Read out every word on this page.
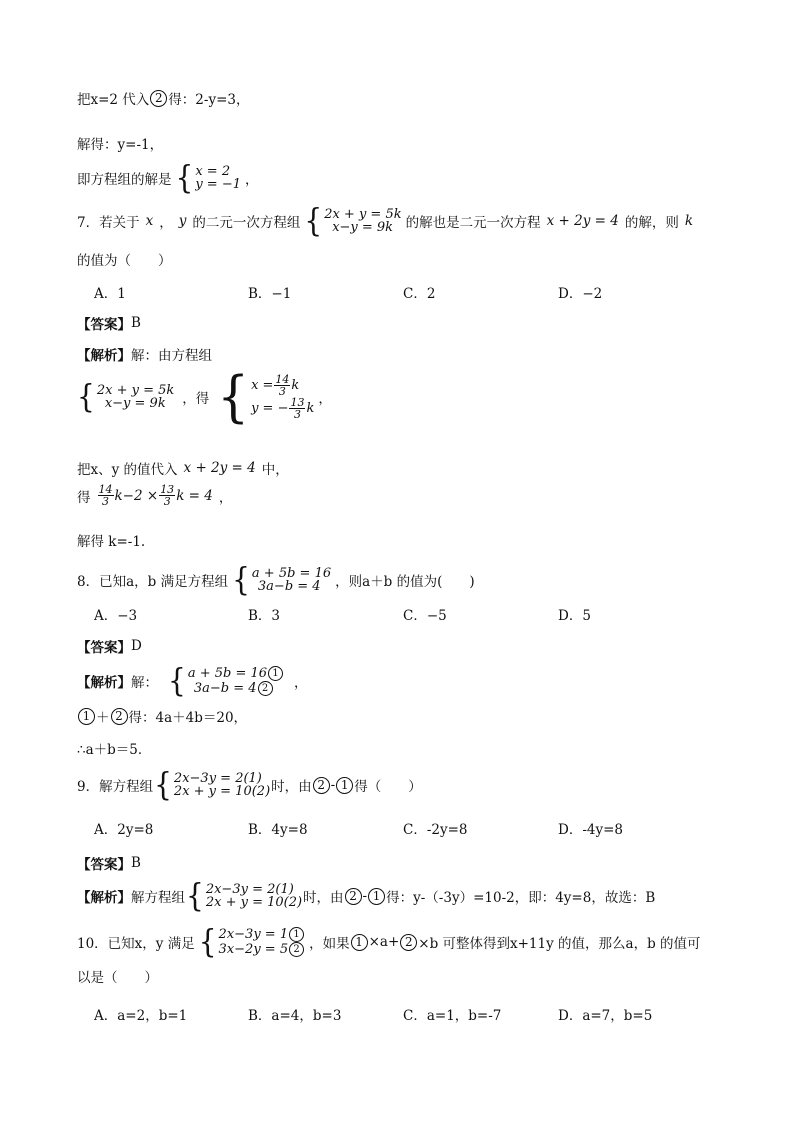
把x=2 代入 2 得：2-y=3，
解得：y=-1，
即方程组的解是 { x = 2
y = −1 ，
7．若关于 x ， y 的二元一次方程组 { 2x + y = 5k
x−y = 9k 的解也是二元一次方程 x + 2y = 4 的解，则 k
的值为（　　）
A．1	B．−1	C．2	D．−2
【答案】 B
【解析】 解：由方程组
{ 2x + y = 5k
x−y = 9k	，得 { $x = \frac{14}{3}$ k
y = − $\frac{13}{3}$ k
，
把x、y 的值代入 x + 2y = 4 中，
得 $\frac{14}{3} k-2 \times \frac{13}{3}$ k = 4 ，
解得 k=-1.
8．已知a，b 满足方程组 { a + 5b = 16
3a−b = 4	，则a＋b 的值为(　　)
A．−3	B．3	C．−5	D．5
【答案】 D
【解析】 解： { a + 5b = 16 1
3a−b = 4 2	，
1 ＋ 2 得：4a＋4b＝20，
∴a＋b＝5．
9．解方程组 { 2x−3y = 2(1)
2x + y = 10(2) 时，由 2 - 1 得（　　）
A．2y=8	B．4y=8	C．-2y=8	D．-4y=8
【答案】 B
【解析】 解方程组 { 2x−3y = 2(1)
2x + y = 10(2) 时，由 2 - 1 得：y-（-3y）=10-2，即：4y=8，故选：B
10．已知x，y 满足 { 2x−3y = 1 1
3x−2y = 5 2 ，如果 1 ×a+ 2 ×b 可整体得到x+11y 的值，那么a，b 的值可
以是（　　）
A．a=2，b=1	B．a=4，b=3	C．a=1，b=-7	D．a=7，b=5
